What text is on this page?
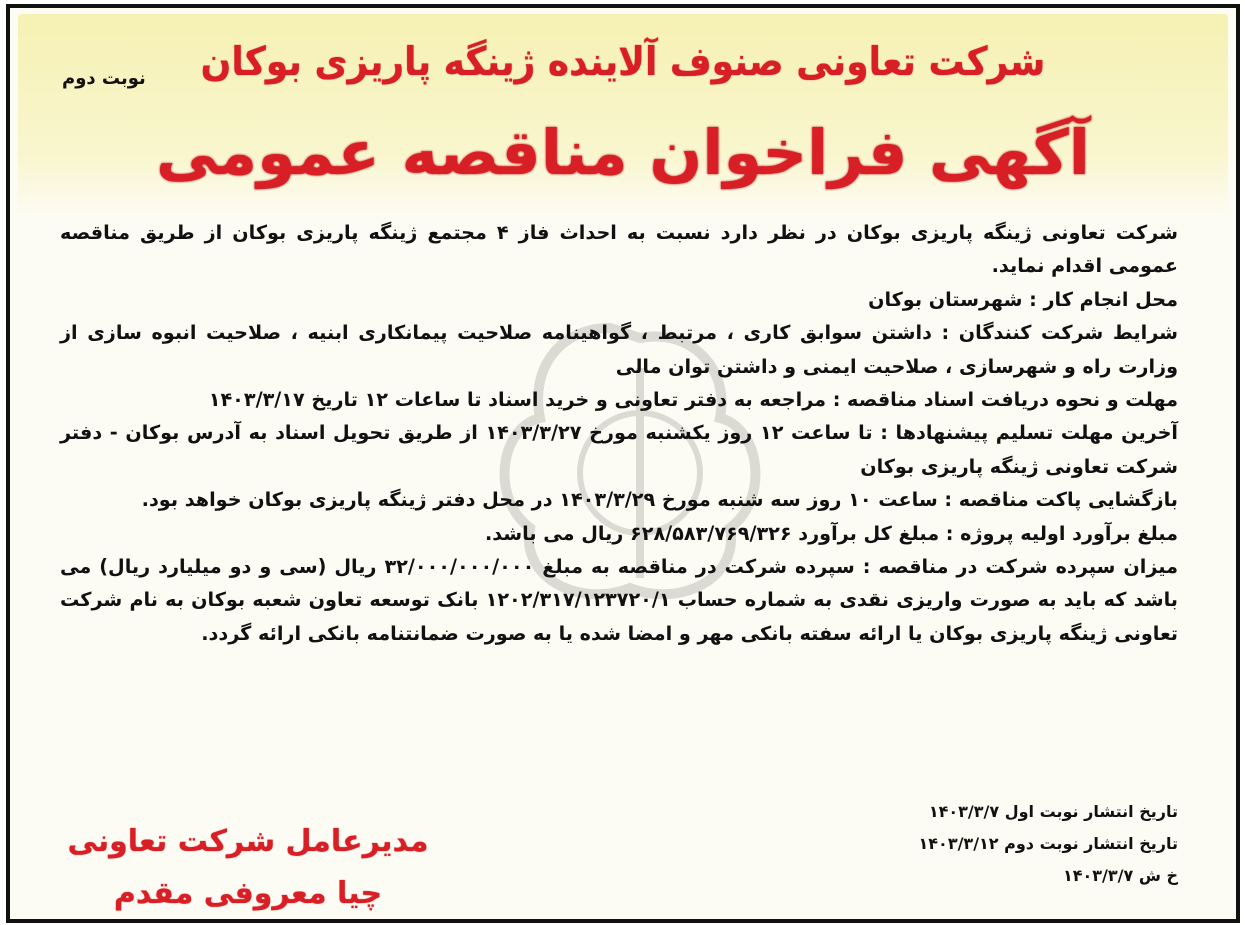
نوبت دوم	شرکت تعاونی صنوف آلاینده ژینگه پاریزی بوکان
آگهی فراخوان مناقصه عمومی

شرکت تعاونی ژینگه پاریزی بوکان در نظر دارد نسبت به احداث فاز ۴ مجتمع ژینگه پاریزی بوکان از طریق مناقصه عمومی اقدام نماید.

محل انجام کار : شهرستان بوکان

شرایط شرکت کنندگان : داشتن سوابق کاری ، مرتبط ، گواهینامه صلاحیت پیمانکاری ابنیه ، صلاحیت انبوه سازی از وزارت راه و شهرسازی ، صلاحیت ایمنی و داشتن توان مالی

مهلت و نحوه دریافت اسناد مناقصه : مراجعه به دفتر تعاونی و خرید اسناد تا ساعات ۱۲ تاریخ ۱۴۰۳/۳/۱۷

آخرین مهلت تسلیم پیشنهادها : تا ساعت ۱۲ روز یکشنبه مورخ ۱۴۰۳/۳/۲۷ از طریق تحویل اسناد به آدرس بوکان - دفتر شرکت تعاونی ژینگه پاریزی بوکان

بازگشایی پاکت مناقصه : ساعت ۱۰ روز سه شنبه مورخ ۱۴۰۳/۳/۲۹ در محل دفتر ژینگه پاریزی بوکان خواهد بود.

مبلغ برآورد اولیه پروژه : مبلغ کل برآورد ۶۲۸/۵۸۳/۷۶۹/۳۲۶ ریال می باشد.

میزان سپرده شرکت در مناقصه : سپرده شرکت در مناقصه به مبلغ ۳۲/۰۰۰/۰۰۰/۰۰۰ ریال (سی و دو میلیارد ریال) می باشد که باید به صورت واریزی نقدی به شماره حساب ۱۲۰۲/۳۱۷/۱۲۳۷۲۰/۱ بانک توسعه تعاون شعبه بوکان به نام شرکت تعاونی ژینگه پاریزی بوکان یا ارائه سفته بانکی مهر و امضا شده یا به صورت ضمانتنامه بانکی ارائه گردد.

تاریخ انتشار نوبت اول ۱۴۰۳/۳/۷

تاریخ انتشار نوبت دوم ۱۴۰۳/۳/۱۲

خ ش ۱۴۰۳/۳/۷

مدیرعامل شرکت تعاونی

چیا معروفی مقدم
